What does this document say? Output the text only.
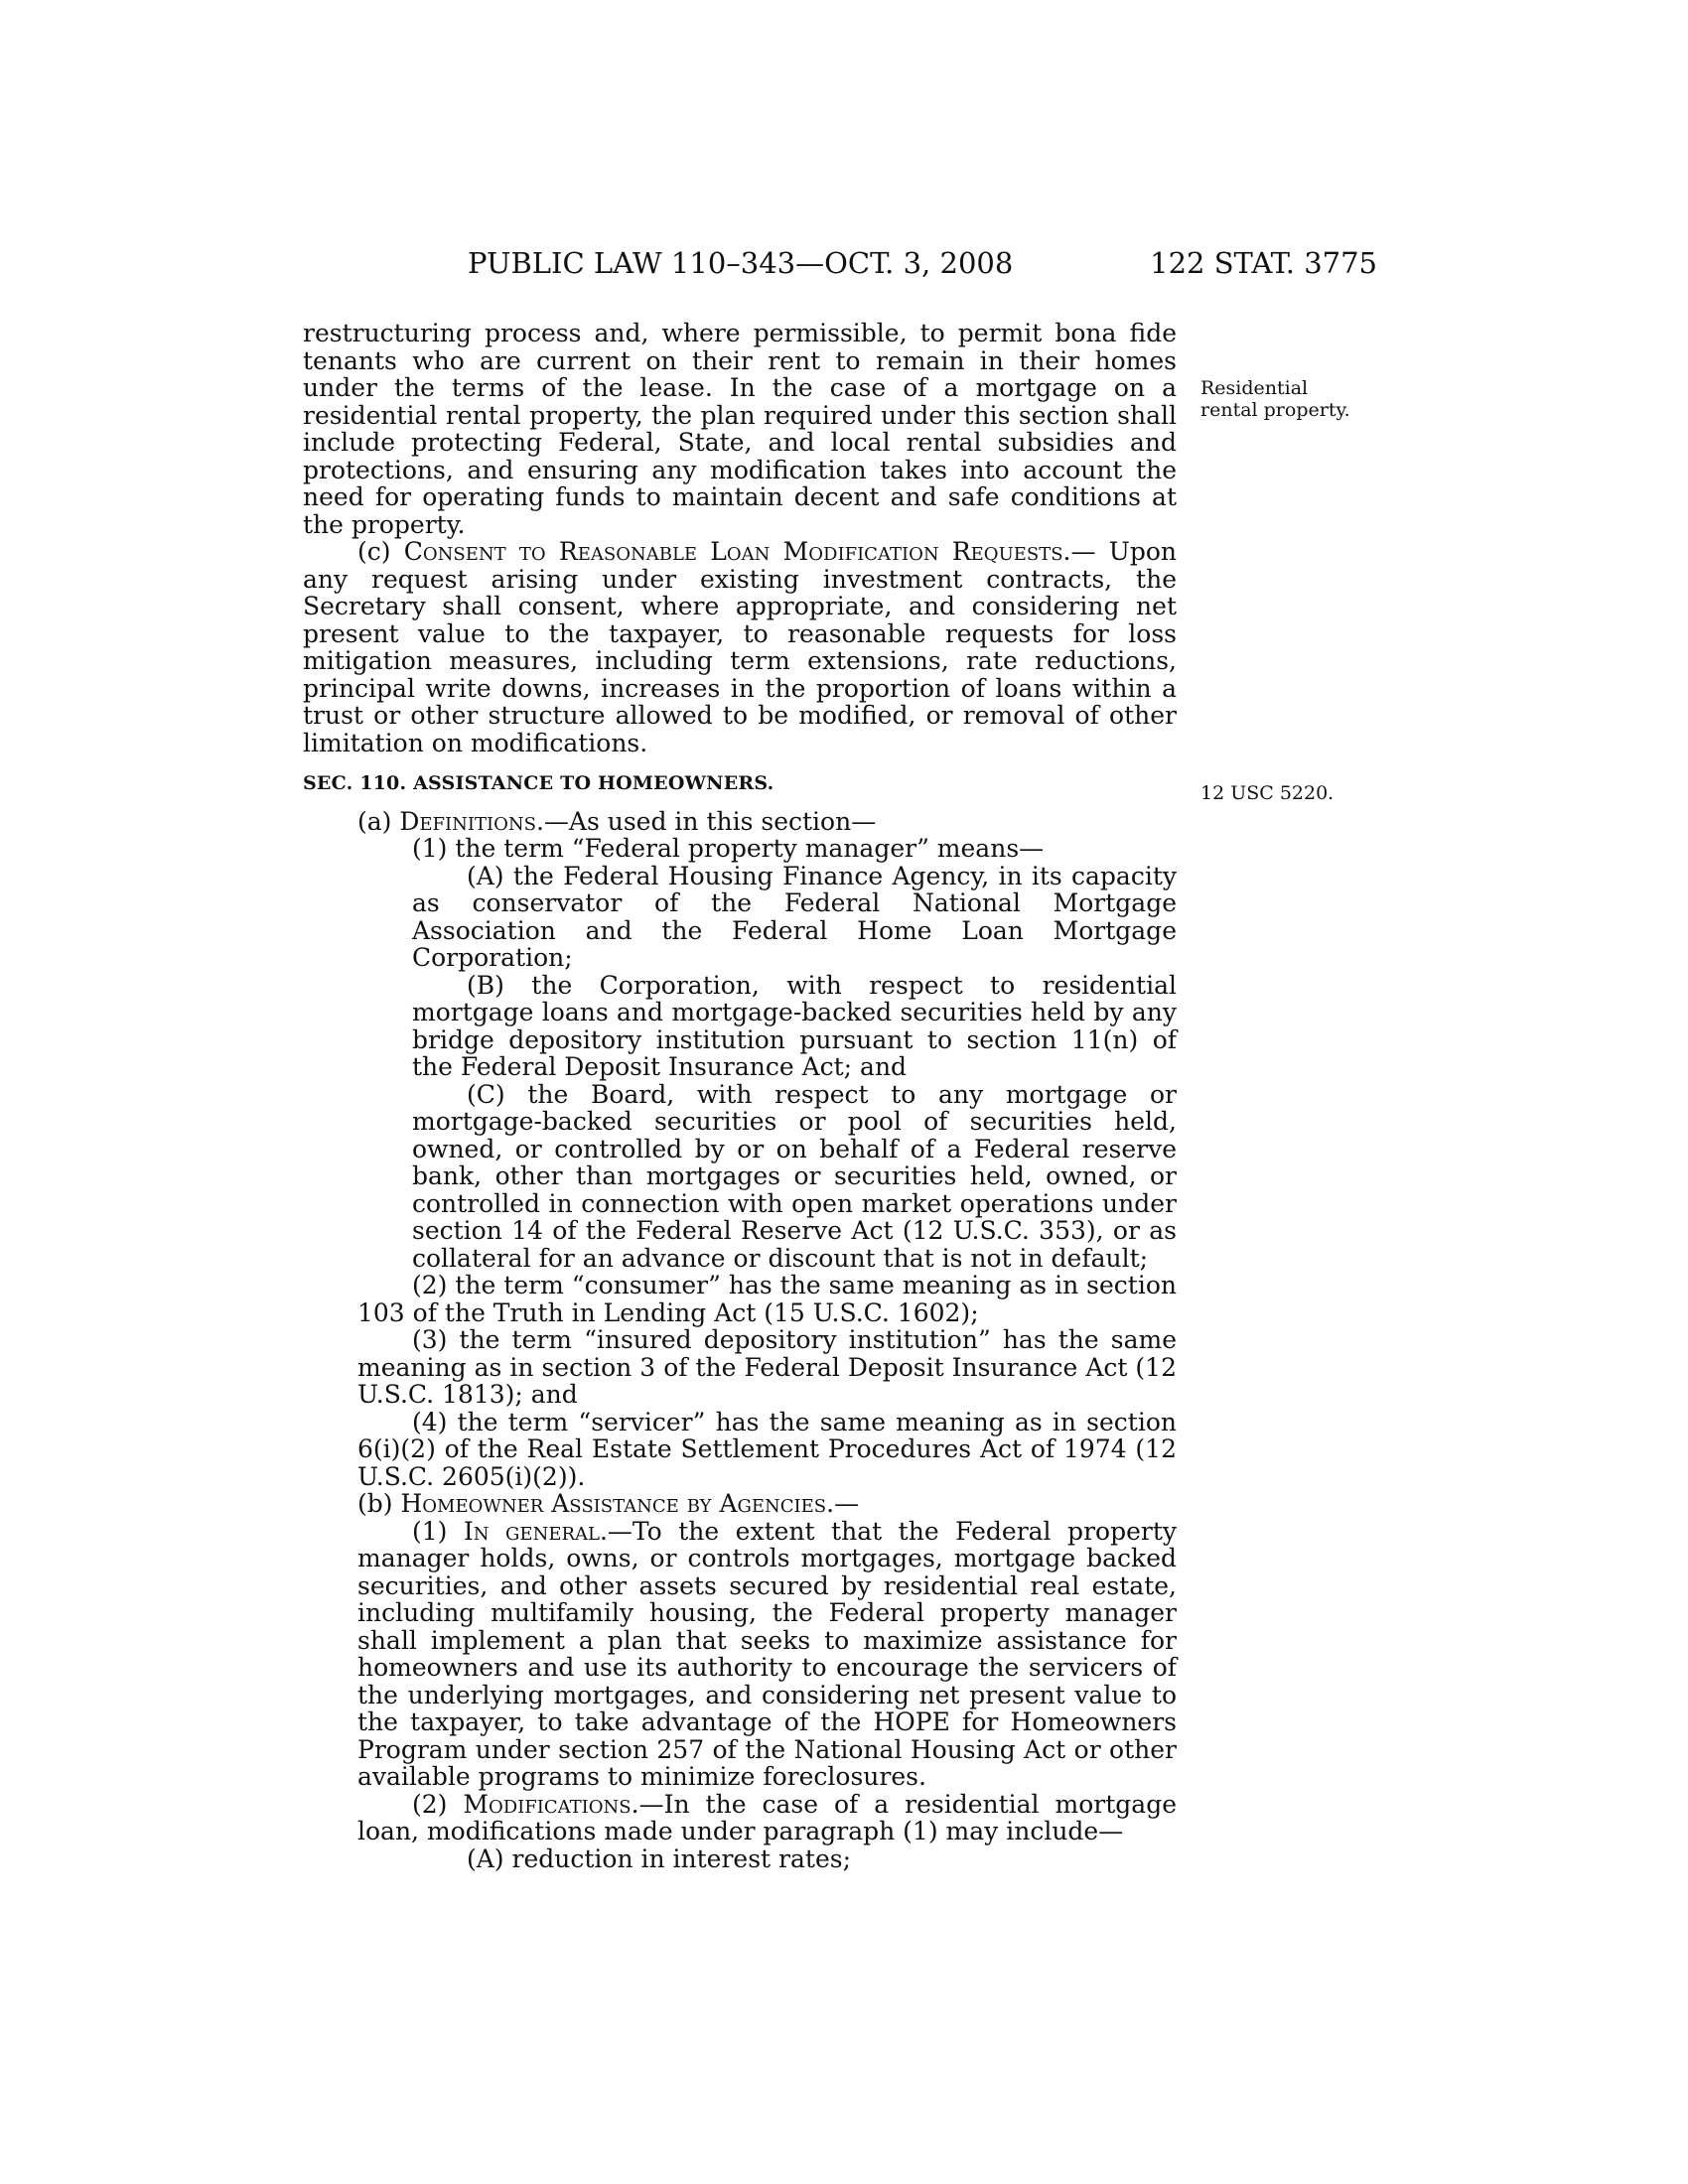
PUBLIC LAW 110–343—OCT. 3, 2008	122 STAT. 3775
Residential
rental property.
12 USC 5220.

restructuring process and, where permissible, to permit bona fide tenants who are current on their rent to remain in their homes under the terms of the lease. In the case of a mortgage on a residential rental property, the plan required under this section shall include protecting Federal, State, and local rental subsidies and protections, and ensuring any modification takes into account the need for operating funds to maintain decent and safe conditions at the property.

(c) Consent to Reasonable Loan Modification Requests.— Upon any request arising under existing investment contracts, the Secretary shall consent, where appropriate, and considering net present value to the taxpayer, to reasonable requests for loss mitigation measures, including term extensions, rate reductions, principal write downs, increases in the proportion of loans within a trust or other structure allowed to be modified, or removal of other limitation on modifications.

SEC. 110. ASSISTANCE TO HOMEOWNERS.

(a) Definitions.—As used in this section—

(1) the term “Federal property manager” means—

(A) the Federal Housing Finance Agency, in its capacity as conservator of the Federal National Mortgage Association and the Federal Home Loan Mortgage Corporation;

(B) the Corporation, with respect to residential mortgage loans and mortgage-backed securities held by any bridge depository institution pursuant to section 11(n) of the Federal Deposit Insurance Act; and

(C) the Board, with respect to any mortgage or mortgage-backed securities or pool of securities held, owned, or controlled by or on behalf of a Federal reserve bank, other than mortgages or securities held, owned, or controlled in connection with open market operations under section 14 of the Federal Reserve Act (12 U.S.C. 353), or as collateral for an advance or discount that is not in default;

(2) the term “consumer” has the same meaning as in section 103 of the Truth in Lending Act (15 U.S.C. 1602);

(3) the term “insured depository institution” has the same meaning as in section 3 of the Federal Deposit Insurance Act (12 U.S.C. 1813); and

(4) the term “servicer” has the same meaning as in section 6(i)(2) of the Real Estate Settlement Procedures Act of 1974 (12 U.S.C. 2605(i)(2)).

(b) Homeowner Assistance by Agencies.—

(1) In general.—To the extent that the Federal property manager holds, owns, or controls mortgages, mortgage backed securities, and other assets secured by residential real estate, including multifamily housing, the Federal property manager shall implement a plan that seeks to maximize assistance for homeowners and use its authority to encourage the servicers of the underlying mortgages, and considering net present value to the taxpayer, to take advantage of the HOPE for Homeowners Program under section 257 of the National Housing Act or other available programs to minimize foreclosures.

(2) Modifications.—In the case of a residential mortgage loan, modifications made under paragraph (1) may include—

(A) reduction in interest rates;
